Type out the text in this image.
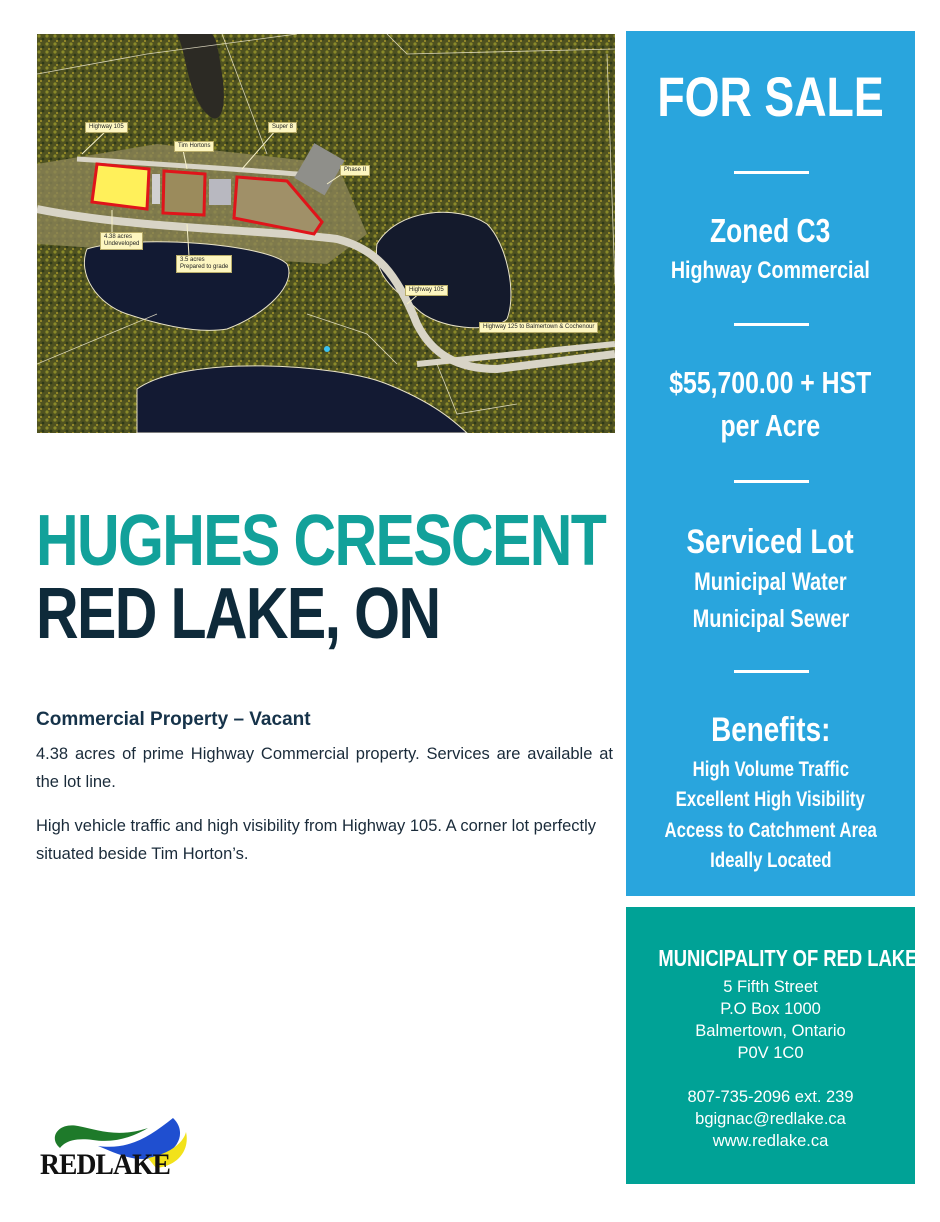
Highway 105
Tim Hortons
Super 8
Phase II
4.38 acres
Undeveloped
3.5 acres
Prepared to grade
Highway 105
Highway 125 to Balmertown & Cochenour
HUGHES CRESCENT
RED LAKE, ON
Commercial Property – Vacant

4.38 acres of prime Highway Commercial property. Services are available at the lot line.

High vehicle traffic and high visibility from Highway 105. A corner lot perfectly situated beside Tim Horton’s.

FOR SALE
Zoned C3
Highway Commercial
$55,700.00 + HST
per Acre
Serviced Lot
Municipal Water
Municipal Sewer
Benefits:
High Volume Traffic
Excellent High Visibility
Access to Catchment Area
Ideally Located
MUNICIPALITY OF RED LAKE
5 Fifth Street
P.O Box 1000
Balmertown, Ontario
P0V 1C0
807-735-2096 ext. 239
bgignac@redlake.ca
www.redlake.ca
REDLAKE
